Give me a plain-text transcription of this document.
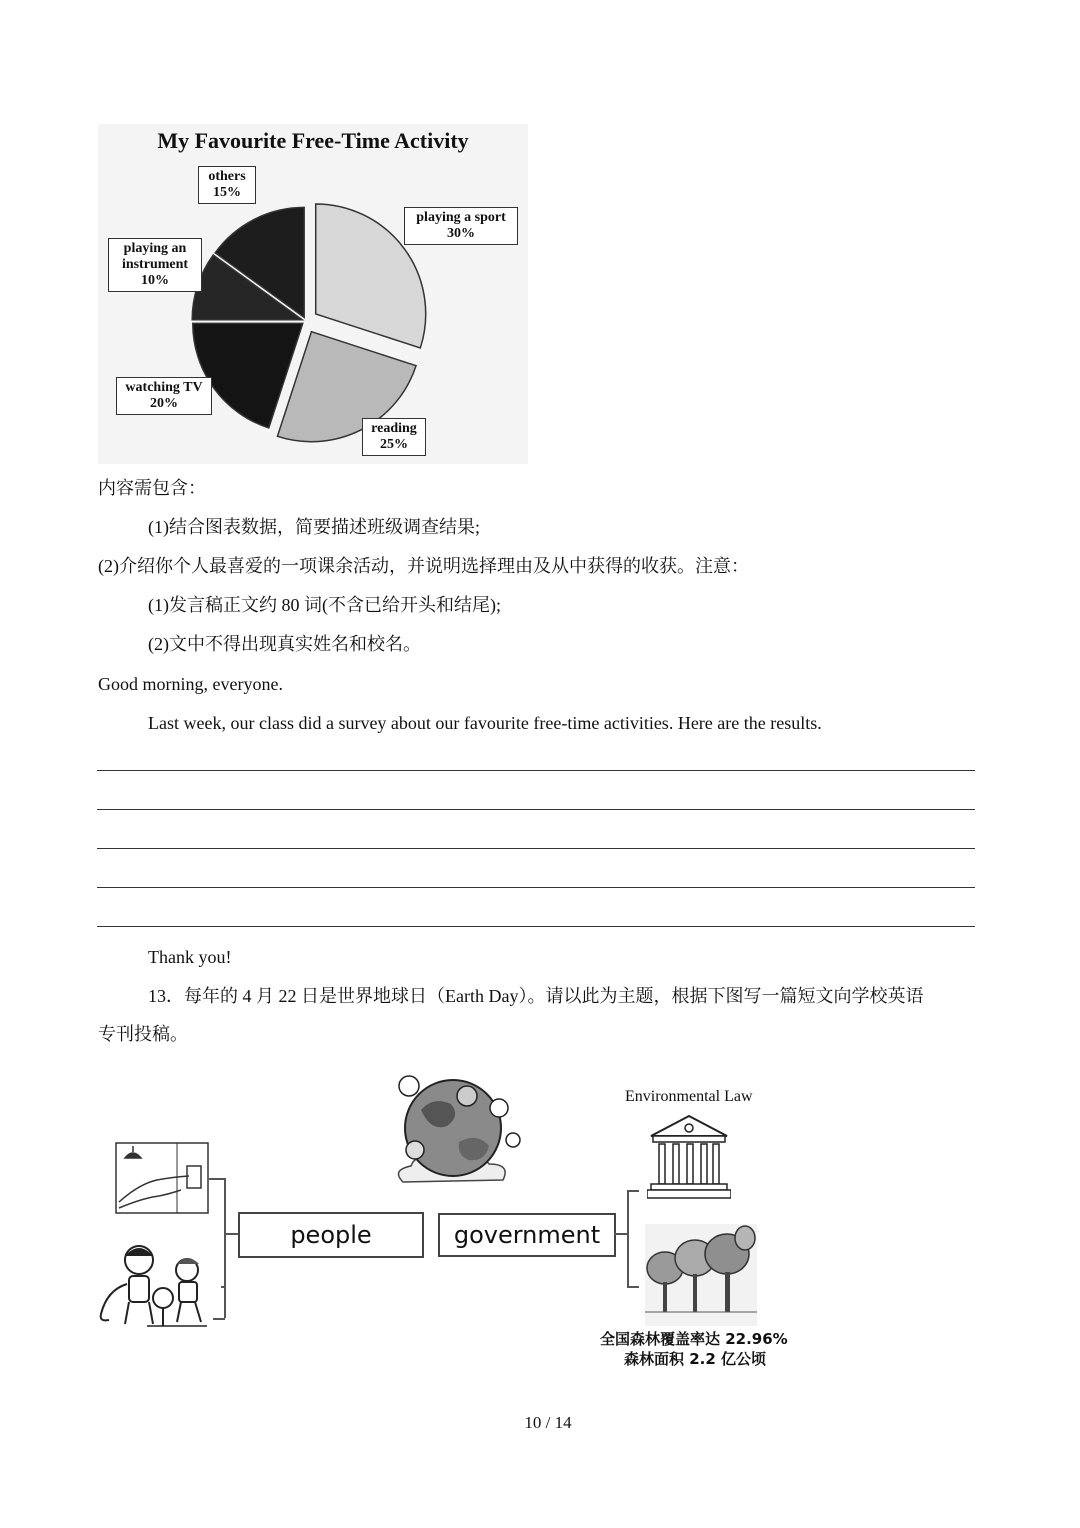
My Favourite Free-Time Activity
others
15%
playing a sport
30%
playing an
instrument
10%
watching TV
20%
reading
25%
内容需包含：
(1)结合图表数据，简要描述班级调查结果;
(2)介绍你个人最喜爱的一项课余活动，并说明选择理由及从中获得的收获。注意：
(1)发言稿正文约 80 词(不含已给开头和结尾);
(2)文中不得出现真实姓名和校名。
Good morning, everyone.
Last week, our class did a survey about our favourite free-time activities. Here are the results.
Thank you!
13．每年的 4 月 22 日是世界地球日（Earth Day）。请以此为主题，根据下图写一篇短文向学校英语
专刊投稿。
people	government
Environmental Law
全国森林覆盖率达 22.96%
森林面积 2.2 亿公顷
10 / 14
